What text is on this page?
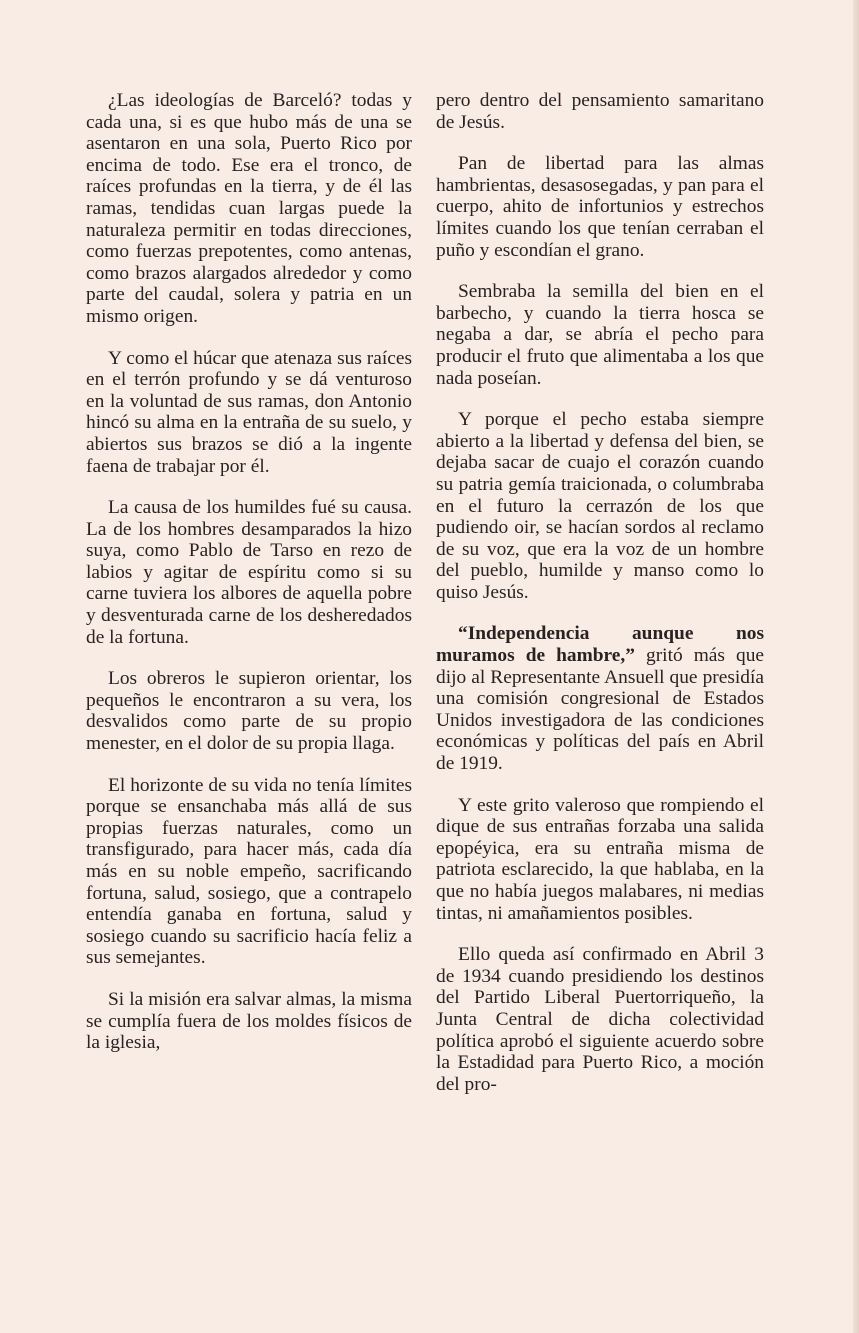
¿Las ideologías de Barceló? todas y cada una, si es que hubo más de una se asentaron en una sola, Puerto Rico por encima de todo. Ese era el tronco, de raíces profundas en la tierra, y de él las ramas, tendidas cuan largas puede la naturaleza permitir en todas direcciones, como fuerzas prepotentes, como antenas, como brazos alargados alrededor y como parte del caudal, solera y patria en un mismo origen.

Y como el húcar que atenaza sus raíces en el terrón profundo y se dá venturoso en la voluntad de sus ramas, don Antonio hincó su alma en la entraña de su suelo, y abiertos sus brazos se dió a la ingente faena de trabajar por él.

La causa de los humildes fué su causa. La de los hombres desamparados la hizo suya, como Pablo de Tarso en rezo de labios y agitar de espíritu como si su carne tuviera los albores de aquella pobre y desventurada carne de los desheredados de la fortuna.

Los obreros le supieron orientar, los pequeños le encontraron a su vera, los desvalidos como parte de su propio menester, en el dolor de su propia llaga.

El horizonte de su vida no tenía límites porque se ensanchaba más allá de sus propias fuerzas naturales, como un transfigurado, para hacer más, cada día más en su noble empeño, sacrificando fortuna, salud, sosiego, que a contrapelo entendía ganaba en fortuna, salud y sosiego cuando su sacrificio hacía feliz a sus semejantes.

Si la misión era salvar almas, la misma se cumplía fuera de los moldes físicos de la iglesia,

pero dentro del pensamiento samaritano de Jesús.

Pan de libertad para las almas hambrientas, desasosegadas, y pan para el cuerpo, ahito de infortunios y estrechos límites cuando los que tenían cerraban el puño y escondían el grano.

Sembraba la semilla del bien en el barbecho, y cuando la tierra hosca se negaba a dar, se abría el pecho para producir el fruto que alimentaba a los que nada poseían.

Y porque el pecho estaba siempre abierto a la libertad y defensa del bien, se dejaba sacar de cuajo el corazón cuando su patria gemía traicionada, o columbraba en el futuro la cerrazón de los que pudiendo oir, se hacían sordos al reclamo de su voz, que era la voz de un hombre del pueblo, humilde y manso como lo quiso Jesús.

“Independencia aunque nos muramos de hambre,” gritó más que dijo al Representante Ansuell que presidía una comisión congresional de Estados Unidos investigadora de las condiciones económicas y políticas del país en Abril de 1919.

Y este grito valeroso que rompiendo el dique de sus entrañas forzaba una salida epopéyica, era su entraña misma de patriota esclarecido, la que hablaba, en la que no había juegos malabares, ni medias tintas, ni amañamientos posibles.

Ello queda así confirmado en Abril 3 de 1934 cuando presidiendo los destinos del Partido Liberal Puertorriqueño, la Junta Central de dicha colectividad política aprobó el siguiente acuerdo sobre la Estadidad para Puerto Rico, a moción del pro-
